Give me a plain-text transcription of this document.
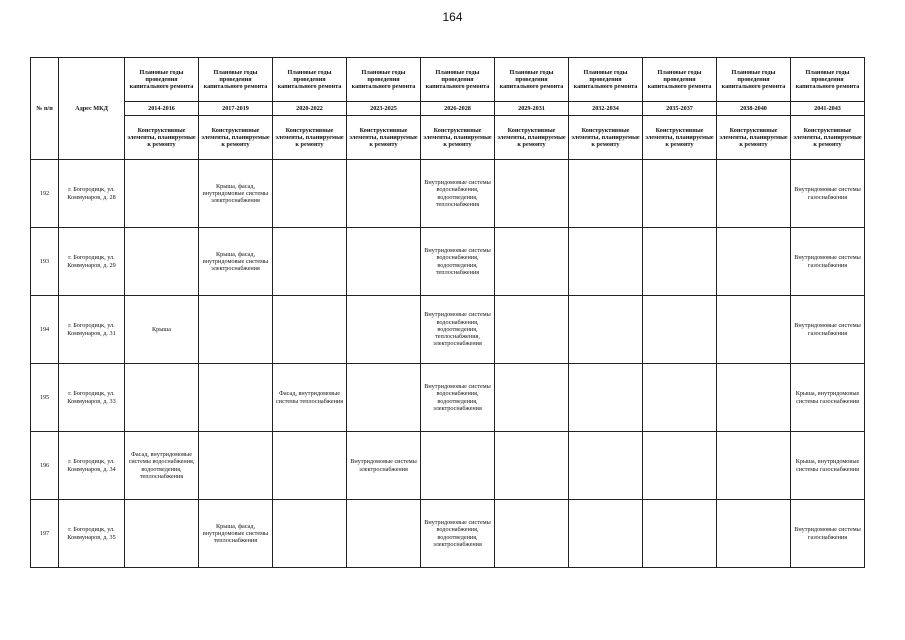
164
№ п/п	Адрес МКД	Плановые годы проведения капитального ремонта	Плановые годы проведения капитального ремонта	Плановые годы проведения капитального ремонта	Плановые годы проведения капитального ремонта	Плановые годы проведения капитального ремонта	Плановые годы проведения капитального ремонта	Плановые годы проведения капитального ремонта	Плановые годы проведения капитального ремонта	Плановые годы проведения капитального ремонта	Плановые годы проведения капитального ремонта
		2014-2016	2017-2019	2020-2022	2023-2025	2026-2028	2029-2031	2032-2034	2035-2037	2038-2040	2041-2043
		Конструктивные элементы, планируемые к ремонту	Конструктивные элементы, планируемые к ремонту	Конструктивные элементы, планируемые к ремонту	Конструктивные элементы, планируемые к ремонту	Конструктивные элементы, планируемые к ремонту	Конструктивные элементы, планируемые к ремонту	Конструктивные элементы, планируемые к ремонту	Конструктивные элементы, планируемые к ремонту	Конструктивные элементы, планируемые к ремонту	Конструктивные элементы, планируемые к ремонту
192	г. Богородицк, ул. Коммунаров, д. 28		Крыша, фасад, внутридомовые системы электроснабжения			Внутридомовые системы водоснабжения, водоотведения, теплоснабжения					Внутридомовые системы газоснабжения
193	г. Богородицк, ул. Коммунаров, д. 29		Крыша, фасад, внутридомовые системы электроснабжения			Внутридомовые системы водоснабжения, водоотведения, теплоснабжения					Внутридомовые системы газоснабжения
194	г. Богородицк, ул. Коммунаров, д. 31	Крыша				Внутридомовые системы водоснабжения, водоотведения, теплоснабжения, электроснабжения					Внутридомовые системы газоснабжения
195	г. Богородицк, ул. Коммунаров, д. 33			Фасад, внутридомовые системы теплоснабжения		Внутридомовые системы водоснабжения, водоотведения, электроснабжения					Крыша, внутридомовые системы газоснабжения
196	г. Богородицк, ул. Коммунаров, д. 34	Фасад, внутридомовые системы водоснабжения, водоотведения, теплоснабжения			Внутридомовые системы электроснабжения						Крыша, внутридомовые системы газоснабжения
197	г. Богородицк, ул. Коммунаров, д. 35		Крыша, фасад, внутридомовые системы теплоснабжения			Внутридомовые системы водоснабжения, водоотведения, электроснабжения					Внутридомовые системы газоснабжения
